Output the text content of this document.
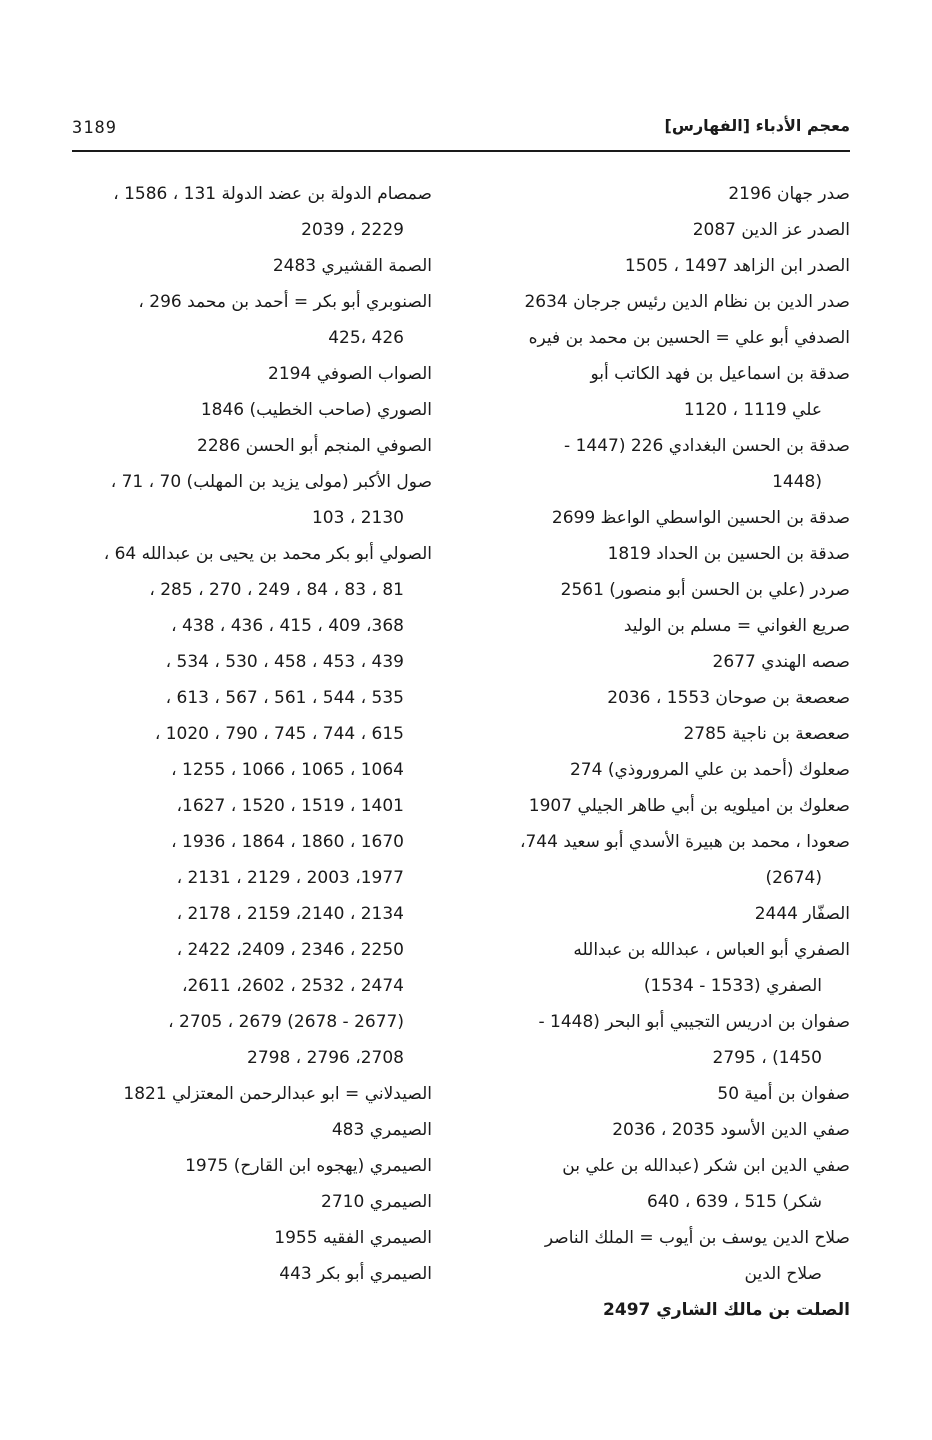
3189	معجم الأدباء [الفهارس]
صدر جهان 2196
الصدر عز الدين 2087
الصدر ابن الزاهد 1497 ، 1505
صدر الدين بن نظام الدين رئيس جرجان 2634
الصدفي أبو علي = الحسين بن محمد بن فيره
صدقة بن اسماعيل بن فهد الكاتب أبو
علي 1119 ، 1120
صدقة بن الحسن البغدادي 226 (1447 -
(1448
صدقة بن الحسين الواسطي الواعظ 2699
صدقة بن الحسين بن الحداد 1819
صردر (علي بن الحسن أبو منصور) 2561
صريع الغواني = مسلم بن الوليد
صصه الهندي 2677
صعصعة بن صوحان 1553 ، 2036
صعصعة بن ناجية 2785
صعلوك (أحمد بن علي المروروذي) 274
صعلوك بن اميلويه بن أبي طاهر الجيلي 1907
صعودا ، محمد بن هبيرة الأسدي أبو سعيد 744،
(2674)
الصفّار 2444
الصفري أبو العباس ، عبدالله بن عبدالله
الصفري (1533 - 1534)
صفوان بن ادريس التجيبي أبو البحر (1448 -
1450) ، 2795
صفوان بن أمية 50
صفي الدين الأسود 2035 ، 2036
صفي الدين ابن شكر (عبدالله بن علي بن
شكر) 515 ، 639 ، 640
صلاح الدين يوسف بن أيوب = الملك الناصر
صلاح الدين
الصلت بن مالك الشاري 2497
صمصام الدولة بن عضد الدولة 131 ، 1586 ،
2229 ، 2039
الصمة القشيري 2483
الصنوبري أبو بكر = أحمد بن محمد 296 ،
426 ،425
الصواب الصوفي 2194
الصوري (صاحب الخطيب) 1846
الصوفي المنجم أبو الحسن 2286
صول الأكبر (مولى يزيد بن المهلب) 70 ، 71 ،
2130 ، 103
الصولي أبو بكر محمد بن يحيى بن عبدالله 64 ،
81 ، 83 ، 84 ، 249 ، 270 ، 285 ،
368، 409 ، 415 ، 436 ، 438 ،
439 ، 453 ، 458 ، 530 ، 534 ،
535 ، 544 ، 561 ، 567 ، 613 ،
615 ، 744 ، 745 ، 790 ، 1020 ،
1064 ، 1065 ، 1066 ، 1255 ،
1401 ، 1519 ، 1520 ، 1627،
1670 ، 1860 ، 1864 ، 1936 ،
1977، 2003 ، 2129 ، 2131 ،
2134 ، 2140، 2159 ، 2178 ،
2250 ، 2346 ، 2409، 2422 ،
2474 ، 2532 ، 2602، 2611،
(2677 - 2678) 2679 ، 2705 ،
2708، 2796 ، 2798
الصيدلاني = ابو عبدالرحمن المعتزلي 1821
الصيمري 483
الصيمري (يهجوه ابن القارح) 1975
الصيمري 2710
الصيمري الفقيه 1955
الصيمري أبو بكر 443
